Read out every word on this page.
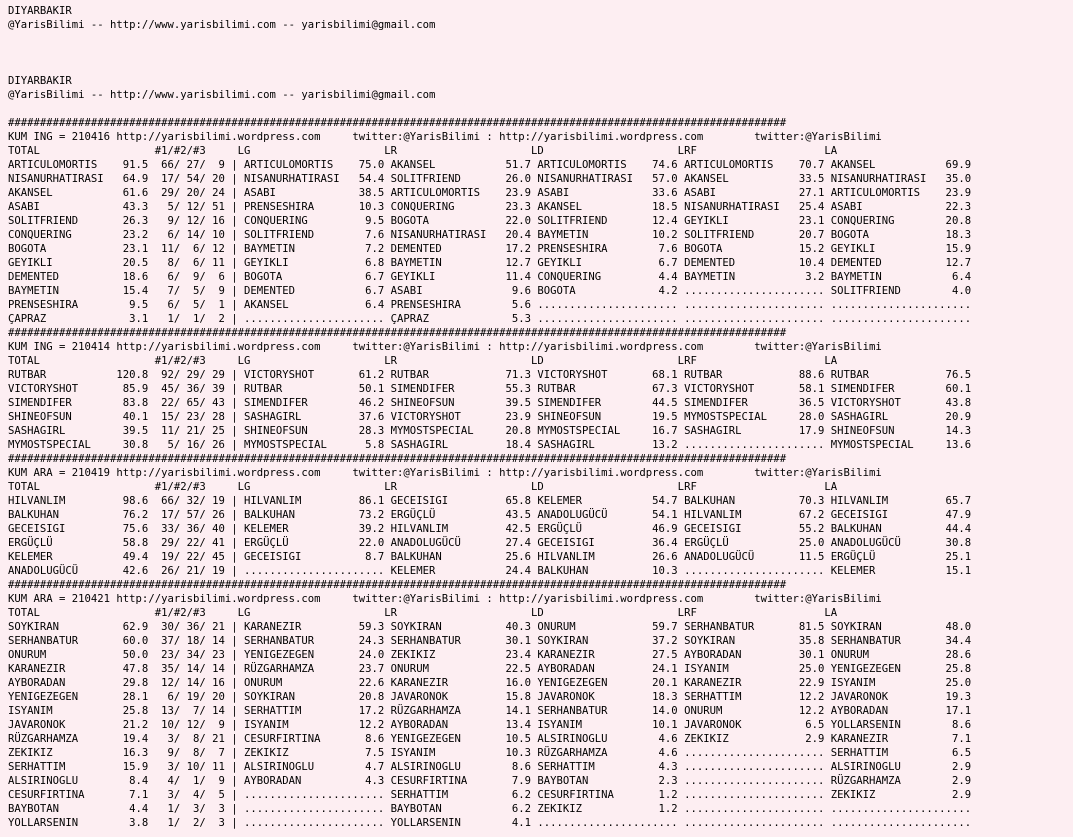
DIYARBAKIR
@YarisBilimi -- http://www.yarisbilimi.com -- yarisbilimi@gmail.com
DIYARBAKIR
@YarisBilimi -- http://www.yarisbilimi.com -- yarisbilimi@gmail.com
##########################################################################################################################
KUM ING = 210416 http://yarisbilimi.wordpress.com     twitter:@YarisBilimi : http://yarisbilimi.wordpress.com        twitter:@YarisBilimi
TOTAL                  #1/#2/#3     LG                     LR                     LD                     LRF                    LA
ARTICULOMORTIS    91.5  66/ 27/  9 | ARTICULOMORTIS    75.0 AKANSEL           51.7 ARTICULOMORTIS    74.6 ARTICULOMORTIS    70.7 AKANSEL           69.9
NISANURHATIRASI   64.9  17/ 54/ 20 | NISANURHATIRASI   54.4 SOLITFRIEND       26.0 NISANURHATIRASI   57.0 AKANSEL           33.5 NISANURHATIRASI   35.0
AKANSEL           61.6  29/ 20/ 24 | ASABI             38.5 ARTICULOMORTIS    23.9 ASABI             33.6 ASABI             27.1 ARTICULOMORTIS    23.9
ASABI             43.3   5/ 12/ 51 | PRENSESHIRA       10.3 CONQUERING        23.3 AKANSEL           18.5 NISANURHATIRASI   25.4 ASABI             22.3
SOLITFRIEND       26.3   9/ 12/ 16 | CONQUERING         9.5 BOGOTA            22.0 SOLITFRIEND       12.4 GEYIKLI           23.1 CONQUERING        20.8
CONQUERING        23.2   6/ 14/ 10 | SOLITFRIEND        7.6 NISANURHATIRASI   20.4 BAYMETIN          10.2 SOLITFRIEND       20.7 BOGOTA            18.3
BOGOTA            23.1  11/  6/ 12 | BAYMETIN           7.2 DEMENTED          17.2 PRENSESHIRA        7.6 BOGOTA            15.2 GEYIKLI           15.9
GEYIKLI           20.5   8/  6/ 11 | GEYIKLI            6.8 BAYMETIN          12.7 GEYIKLI            6.7 DEMENTED          10.4 DEMENTED          12.7
DEMENTED          18.6   6/  9/  6 | BOGOTA             6.7 GEYIKLI           11.4 CONQUERING         4.4 BAYMETIN           3.2 BAYMETIN           6.4
BAYMETIN          15.4   7/  5/  9 | DEMENTED           6.7 ASABI              9.6 BOGOTA             4.2 ...................... SOLITFRIEND        4.0
PRENSESHIRA        9.5   6/  5/  1 | AKANSEL            6.4 PRENSESHIRA        5.6 ...................... ...................... ......................
ÇAPRAZ             3.1   1/  1/  2 | ...................... ÇAPRAZ             5.3 ...................... ...................... ......................
##########################################################################################################################
KUM ING = 210414 http://yarisbilimi.wordpress.com     twitter:@YarisBilimi : http://yarisbilimi.wordpress.com        twitter:@YarisBilimi
TOTAL                  #1/#2/#3     LG                     LR                     LD                     LRF                    LA
RUTBAR           120.8  92/ 29/ 29 | VICTORYSHOT       61.2 RUTBAR            71.3 VICTORYSHOT       68.1 RUTBAR            88.6 RUTBAR            76.5
VICTORYSHOT       85.9  45/ 36/ 39 | RUTBAR            50.1 SIMENDIFER        55.3 RUTBAR            67.3 VICTORYSHOT       58.1 SIMENDIFER        60.1
SIMENDIFER        83.8  22/ 65/ 43 | SIMENDIFER        46.2 SHINEOFSUN        39.5 SIMENDIFER        44.5 SIMENDIFER        36.5 VICTORYSHOT       43.8
SHINEOFSUN        40.1  15/ 23/ 28 | SASHAGIRL         37.6 VICTORYSHOT       23.9 SHINEOFSUN        19.5 MYMOSTSPECIAL     28.0 SASHAGIRL         20.9
SASHAGIRL         39.5  11/ 21/ 25 | SHINEOFSUN        28.3 MYMOSTSPECIAL     20.8 MYMOSTSPECIAL     16.7 SASHAGIRL         17.9 SHINEOFSUN        14.3
MYMOSTSPECIAL     30.8   5/ 16/ 26 | MYMOSTSPECIAL      5.8 SASHAGIRL         18.4 SASHAGIRL         13.2 ...................... MYMOSTSPECIAL     13.6
##########################################################################################################################
KUM ARA = 210419 http://yarisbilimi.wordpress.com     twitter:@YarisBilimi : http://yarisbilimi.wordpress.com        twitter:@YarisBilimi
TOTAL                  #1/#2/#3     LG                     LR                     LD                     LRF                    LA
HILVANLIM         98.6  66/ 32/ 19 | HILVANLIM         86.1 GECEISIGI         65.8 KELEMER           54.7 BALKUHAN          70.3 HILVANLIM         65.7
BALKUHAN          76.2  17/ 57/ 26 | BALKUHAN          73.2 ERGÜÇLÜ           43.5 ANADOLUGÜCÜ       54.1 HILVANLIM         67.2 GECEISIGI         47.9
GECEISIGI         75.6  33/ 36/ 40 | KELEMER           39.2 HILVANLIM         42.5 ERGÜÇLÜ           46.9 GECEISIGI         55.2 BALKUHAN          44.4
ERGÜÇLÜ           58.8  29/ 22/ 41 | ERGÜÇLÜ           22.0 ANADOLUGÜCÜ       27.4 GECEISIGI         36.4 ERGÜÇLÜ           25.0 ANADOLUGÜCÜ       30.8
KELEMER           49.4  19/ 22/ 45 | GECEISIGI          8.7 BALKUHAN          25.6 HILVANLIM         26.6 ANADOLUGÜCÜ       11.5 ERGÜÇLÜ           25.1
ANADOLUGÜCÜ       42.6  26/ 21/ 19 | ...................... KELEMER           24.4 BALKUHAN          10.3 ...................... KELEMER           15.1
##########################################################################################################################
KUM ARA = 210421 http://yarisbilimi.wordpress.com     twitter:@YarisBilimi : http://yarisbilimi.wordpress.com        twitter:@YarisBilimi
TOTAL                  #1/#2/#3     LG                     LR                     LD                     LRF                    LA
SOYKIRAN          62.9  30/ 36/ 21 | KARANEZIR         59.3 SOYKIRAN          40.3 ONURUM            59.7 SERHANBATUR       81.5 SOYKIRAN          48.0
SERHANBATUR       60.0  37/ 18/ 14 | SERHANBATUR       24.3 SERHANBATUR       30.1 SOYKIRAN          37.2 SOYKIRAN          35.8 SERHANBATUR       34.4
ONURUM            50.0  23/ 34/ 23 | YENIGEZEGEN       24.0 ZEKIKIZ           23.4 KARANEZIR         27.5 AYBORADAN         30.1 ONURUM            28.6
KARANEZIR         47.8  35/ 14/ 14 | RÜZGARHAMZA       23.7 ONURUM            22.5 AYBORADAN         24.1 ISYANIM           25.0 YENIGEZEGEN       25.8
AYBORADAN         29.8  12/ 14/ 16 | ONURUM            22.6 KARANEZIR         16.0 YENIGEZEGEN       20.1 KARANEZIR         22.9 ISYANIM           25.0
YENIGEZEGEN       28.1   6/ 19/ 20 | SOYKIRAN          20.8 JAVARONOK         15.8 JAVARONOK         18.3 SERHATTIM         12.2 JAVARONOK         19.3
ISYANIM           25.8  13/  7/ 14 | SERHATTIM         17.2 RÜZGARHAMZA       14.1 SERHANBATUR       14.0 ONURUM            12.2 AYBORADAN         17.1
JAVARONOK         21.2  10/ 12/  9 | ISYANIM           12.2 AYBORADAN         13.4 ISYANIM           10.1 JAVARONOK          6.5 YOLLARSENIN        8.6
RÜZGARHAMZA       19.4   3/  8/ 21 | CESURFIRTINA       8.6 YENIGEZEGEN       10.5 ALSIRINOGLU        4.6 ZEKIKIZ            2.9 KARANEZIR          7.1
ZEKIKIZ           16.3   9/  8/  7 | ZEKIKIZ            7.5 ISYANIM           10.3 RÜZGARHAMZA        4.6 ...................... SERHATTIM          6.5
SERHATTIM         15.9   3/ 10/ 11 | ALSIRINOGLU        4.7 ALSIRINOGLU        8.6 SERHATTIM          4.3 ...................... ALSIRINOGLU        2.9
ALSIRINOGLU        8.4   4/  1/  9 | AYBORADAN          4.3 CESURFIRTINA       7.9 BAYBOTAN           2.3 ...................... RÜZGARHAMZA        2.9
CESURFIRTINA       7.1   3/  4/  5 | ...................... SERHATTIM          6.2 CESURFIRTINA       1.2 ...................... ZEKIKIZ            2.9
BAYBOTAN           4.4   1/  3/  3 | ...................... BAYBOTAN           6.2 ZEKIKIZ            1.2 ...................... ......................
YOLLARSENIN        3.8   1/  2/  3 | ...................... YOLLARSENIN        4.1 ...................... ...................... ......................
